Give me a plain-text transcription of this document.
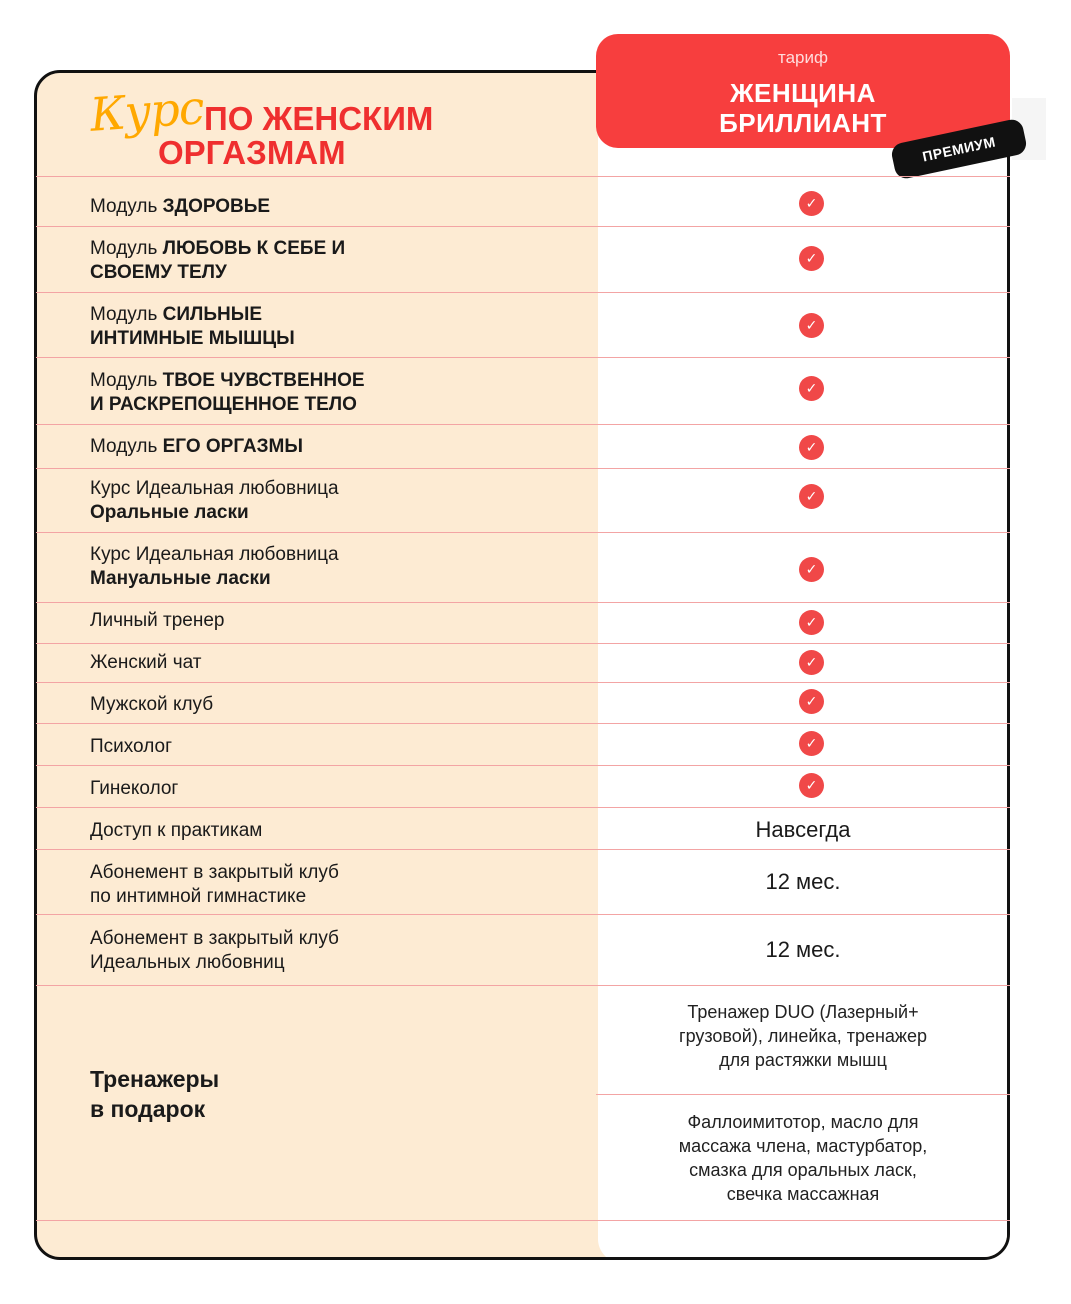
Курс
ПО ЖЕНСКИМ
ОРГАЗМАМ
тариф
ЖЕНЩИНА
БРИЛЛИАНТ
ПРЕМИУМ
Модуль ЗДОРОВЬЕ
Модуль ЛЮБОВЬ К СЕБЕ И
СВОЕМУ ТЕЛУ
Модуль СИЛЬНЫЕ
ИНТИМНЫЕ МЫШЦЫ
Модуль ТВОЕ ЧУВСТВЕННОЕ
И РАСКРЕПОЩЕННОЕ ТЕЛО
Модуль ЕГО ОРГАЗМЫ
Курс Идеальная любовница
Оральные ласки
Курс Идеальная любовница
Мануальные ласки
Личный тренер
Женский чат
Мужской клуб
Психолог
Гинеколог
Доступ к практикам
Абонемент в закрытый клуб
по интимной гимнастике
Абонемент в закрытый клуб
Идеальных любовниц
Тренажеры
в подарок
✓
✓
✓
✓
✓
✓
✓
✓
✓
✓
✓
✓
Навсегда
12 мес.
12 мес.
Тренажер DUO (Лазерный+
грузовой), линейка, тренажер
для растяжки мышц
Фаллоимитотор, масло для
массажа члена, мастурбатор,
смазка для оральных ласк,
свечка массажная
